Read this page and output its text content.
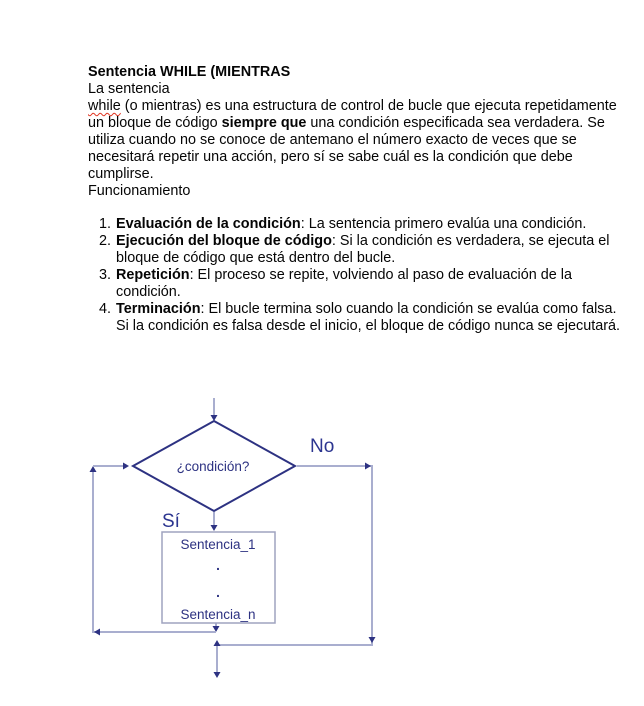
Sentencia WHILE (MIENTRAS
La sentencia
while (o mientras) es una estructura de control de bucle que ejecuta repetidamente
un bloque de código siempre que una condición especificada sea verdadera. Se
utiliza cuando no se conoce de antemano el número exacto de veces que se
necesitará repetir una acción, pero sí se sabe cuál es la condición que debe
cumplirse.
Funcionamiento
1. Evaluación de la condición: La sentencia primero evalúa una condición.
2. Ejecución del bloque de código: Si la condición es verdadera, se ejecuta el bloque de código que está dentro del bucle.
3. Repetición: El proceso se repite, volviendo al paso de evaluación de la condición.
4. Terminación: El bucle termina solo cuando la condición se evalúa como falsa. Si la condición es falsa desde el inicio, el bloque de código nunca se ejecutará.
¿condición?
No
Sí
Sentencia_1
.
.
Sentencia_n
